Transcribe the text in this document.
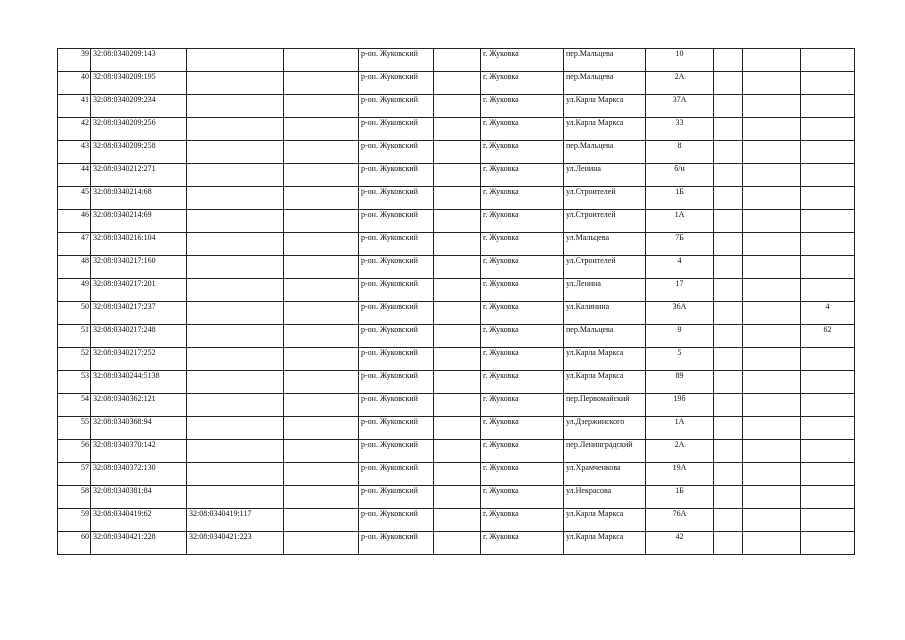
39	32:08:0340209:143			р-он. Жуковский		г. Жуковка	пер.Мальцева	10			
40	32:08:0340209:195			р-он. Жуковский		г. Жуковка	пер.Мальцева	2А			
41	32:08:0340209:234			р-он. Жуковский		г. Жуковка	ул.Карла Маркса	37А			
42	32:08:0340209:256			р-он. Жуковский		г. Жуковка	ул.Карла Маркса	33			
43	32:08:0340209:258			р-он. Жуковский		г. Жуковка	пер.Мальцева	8			
44	32:08:0340212:271			р-он. Жуковский		г. Жуковка	ул.Ленина	б/н			
45	32:08:0340214:68			р-он. Жуковский		г. Жуковка	ул.Строителей	1Б			
46	32:08:0340214:69			р-он. Жуковский		г. Жуковка	ул.Строителей	1А			
47	32:08:0340216:104			р-он. Жуковский		г. Жуковка	ул.Мальцева	7Б			
48	32:08:0340217:160			р-он. Жуковский		г. Жуковка	ул.Строителей	4			
49	32:08:0340217:201			р-он. Жуковский		г. Жуковка	ул.Ленина	17			
50	32:08:0340217:237			р-он. Жуковский		г. Жуковка	ул.Калинина	36А			4
51	32:08:0340217:248			р-он. Жуковский		г. Жуковка	пер.Мальцева	9			62
52	32:08:0340217:252			р-он. Жуковский		г. Жуковка	ул.Карла Маркса	5			
53	32:08:0340244:5138			р-он. Жуковский		г. Жуковка	ул.Карла Маркса	89			
54	32:08:0340362:121			р-он. Жуковский		г. Жуковка	пер.Первомайский	19б			
55	32:08:0340368:94			р-он. Жуковский		г. Жуковка	ул.Дзержинского	1А			
56	32:08:0340370:142			р-он. Жуковский		г. Жуковка	пер.Ленинградский	2А			
57	32:08:0340372:130			р-он. Жуковский		г. Жуковка	ул.Храмченкова	19А			
58	32:08:0340381:84			р-он. Жуковский		г. Жуковка	ул.Некрасова	1Б			
59	32:08:0340419:62	32:08:0340419:117		р-он. Жуковский		г. Жуковка	ул.Карла Маркса	76А			
60	32:08:0340421:228	32:08:0340421:223		р-он. Жуковский		г. Жуковка	ул.Карла Маркса	42			
